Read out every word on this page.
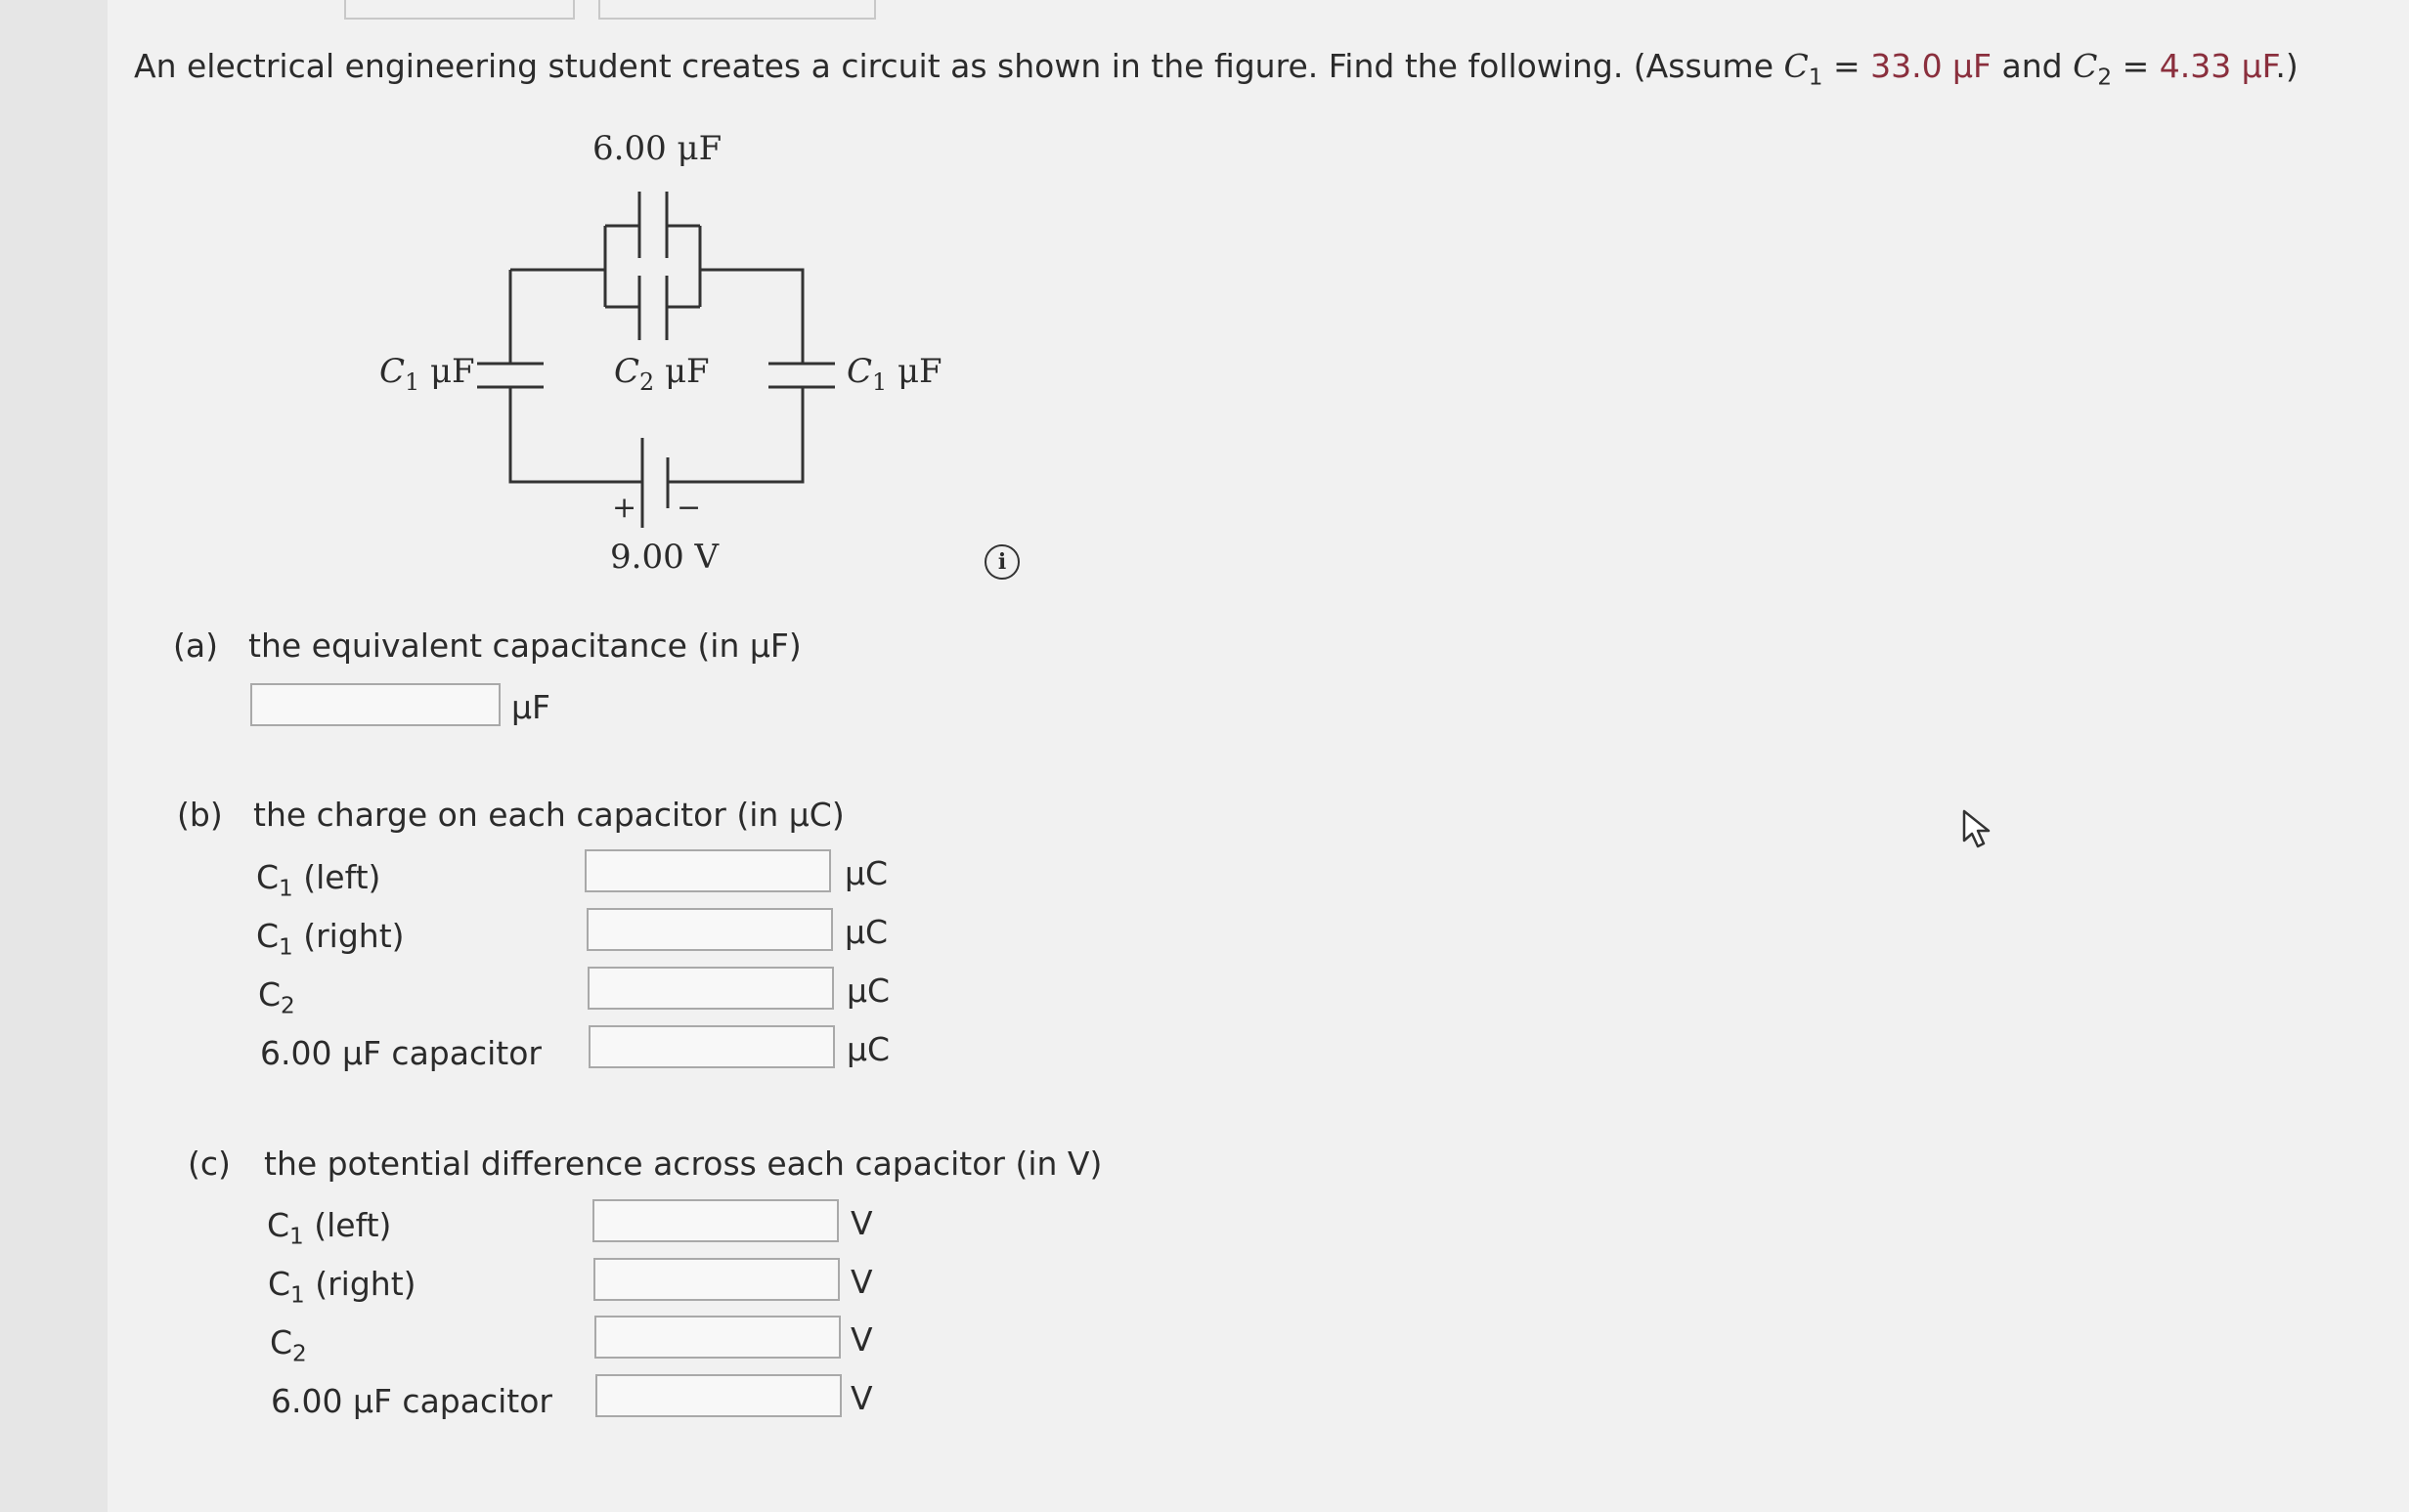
An electrical engineering student creates a circuit as shown in the figure. Find the following. (Assume $C_1 = 33.0$ μF and $C_2 = 4.33$ μF.)
6.00 μF
$C_1$ μF	$C_2$ μF	$C_1$ μF
+ −
9.00 V	i
(a) the equivalent capacitance (in μF)
μF
(b) the charge on each capacitor (in μC)
$C_1$ (left)	μC
$C_1$ (right)	μC
$C_2$	μC
6.00 μF capacitor	μC
(c) the potential difference across each capacitor (in V)
$C_1$ (left)	V
$C_1$ (right)	V
$C_2$	V
6.00 μF capacitor	V
